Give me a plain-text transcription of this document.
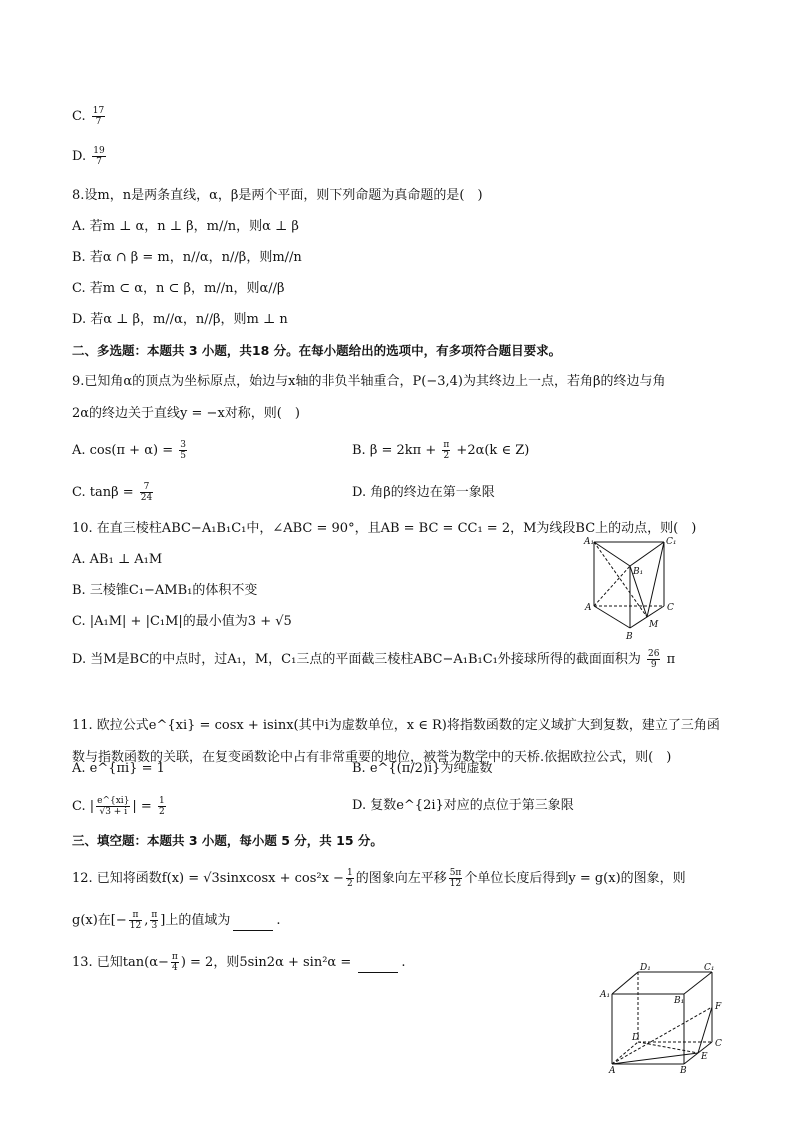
C. $\frac{17}{7}$
D. $\frac{19}{7}$
8.设m，n是两条直线，α，β是两个平面，则下列命题为真命题的是(　)
A. 若m ⊥ α，n ⊥ β，m//n，则α ⊥ β
B. 若α ∩ β = m，n//α，n//β，则m//n
C. 若m ⊂ α，n ⊂ β，m//n，则α//β
D. 若α ⊥ β，m//α，n//β，则m ⊥ n
二、多选题：本题共 3 小题，共18 分。在每小题给出的选项中，有多项符合题目要求。
9.已知角α的顶点为坐标原点，始边与x轴的非负半轴重合，P(−3,4)为其终边上一点，若角β的终边与角
2α的终边关于直线y = −x对称，则(　)
A. $\cos(\pi + \alpha) = \frac{3}{5}$	B. $\beta = 2k\pi + \frac{\pi}{2} +2\alpha(k$ ∈ Z)
C. $\tan\beta = \frac{7}{24}$	D. 角β的终边在第一象限
10. 在直三棱柱ABC−A₁B₁C₁中，∠ABC = 90°，且AB = BC = CC₁ = 2，M为线段BC上的动点，则(　)
A. AB₁ ⊥ A₁M
B. 三棱锥C₁−AMB₁的体积不变
C. |A₁M| + |C₁M|的最小值为3 + √5
D. 当M是BC的中点时，过A₁，M，C₁三点的平面截三棱柱ABC−A₁B₁C₁外接球所得的截面面积为 $\frac{26}{9}$ π
A₁	C₁
B₁
A	C
B
M
11. 欧拉公式e^{xi} = cosx + isinx(其中i为虚数单位，x ∈ R)将指数函数的定义域扩大到复数，建立了三角函
数与指数函数的关联，在复变函数论中占有非常重要的地位，被誉为数学中的天桥.依据欧拉公式，则(　)
A. e^{πi} = 1	B. e^{(π/2)i}为纯虚数
C. | $\frac{e\^{}\{xi\}}{√3 + i}$ | = $\frac{1}{2}$	D. 复数e^{2i}对应的点位于第三象限
三、填空题：本题共 3 小题，每小题 5 分，共 15 分。
12. 已知将函数f(x) = √3sinxcosx + $\cos^2x - \frac{1}{2}$ 的图象向左平移 $\frac{5\pi}{12}$ 个单位长度后得到y = g(x)的图象，则
g(x)在[− $\frac{\pi}{12}$ , $\frac{\pi}{3}$ ]上的值域为	.
13. 已知$\tan(\alpha- \frac{\pi}{4}$ ) = 2，则5sin2α + sin²α =	.	D₁	C₁
A₁
B₁
F
D
E
C
A	B
